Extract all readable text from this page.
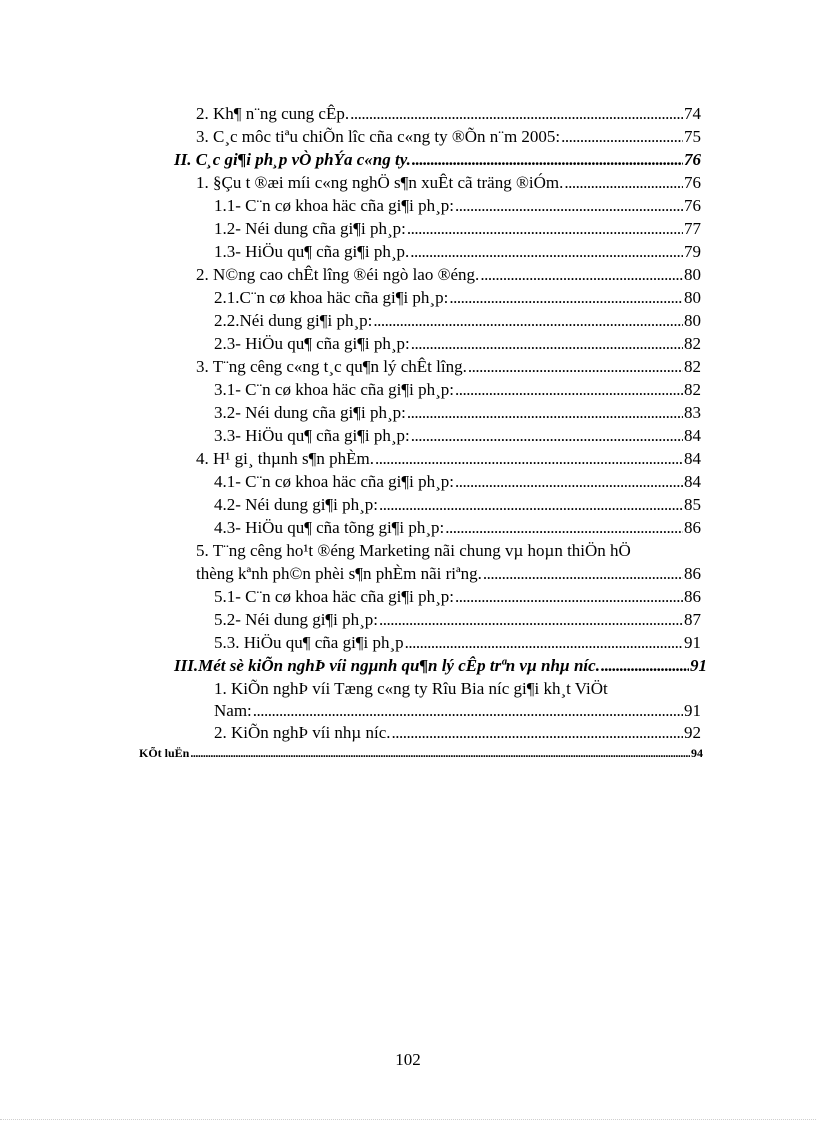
2. Kh¶ n¨ng cung cÊp. .....	74
3. C¸c môc tiªu chiÕn lîc cña c«ng ty ®Õn n¨m 2005: .....	75
II. C¸c gi¶i ph¸p vÒ phÝa c«ng ty. .....	76
1. §Çu t ®æi míi c«ng nghÖ s¶n xuÊt cã träng ®iÓm. .....	76
1.1- C¨n cø khoa häc cña gi¶i ph¸p: .....	76
1.2- Néi dung cña gi¶i ph¸p: .....	77
1.3- HiÖu qu¶ cña gi¶i ph¸p. .....	79
2. N©ng cao chÊt lîng ®éi ngò lao ®éng. .....	80
2.1.C¨n cø khoa häc cña gi¶i ph¸p: .....	80
2.2.Néi dung gi¶i ph¸p: .....	80
2.3- HiÖu qu¶ cña gi¶i ph¸p: .....	82
3. T¨ng cêng c«ng t¸c qu¶n lý chÊt lîng. .....	82
3.1- C¨n cø khoa häc cña gi¶i ph¸p: .....	82
3.2- Néi dung cña gi¶i ph¸p: .....	83
3.3- HiÖu qu¶ cña gi¶i ph¸p: .....	84
4. H¹ gi¸ thµnh s¶n phÈm. .....	84
4.1- C¨n cø khoa häc cña gi¶i ph¸p: .....	84
4.2- Néi dung gi¶i ph¸p: .....	85
4.3- HiÖu qu¶ cña tõng gi¶i ph¸p: .....	86
5. T¨ng cêng ho¹t ®éng Marketing nãi chung vµ hoµn thiÖn hÖ
thèng kªnh ph©n phèi s¶n phÈm nãi riªng. .....	86
5.1- C¨n cø khoa häc cña gi¶i ph¸p: .....	86
5.2- Néi dung gi¶i ph¸p: .....	87
5.3. HiÖu qu¶ cña gi¶i ph¸p .....	91
III.Mét sè kiÕn nghÞ víi ngµnh qu¶n lý cÊp trªn vµ nhµ níc. .....	91
1. KiÕn nghÞ víi Tæng c«ng ty Rîu Bia níc gi¶i kh¸t ViÖt
Nam: .....	91
2. KiÕn nghÞ víi nhµ níc. .....	92
KÕt luËn .....	94
102
